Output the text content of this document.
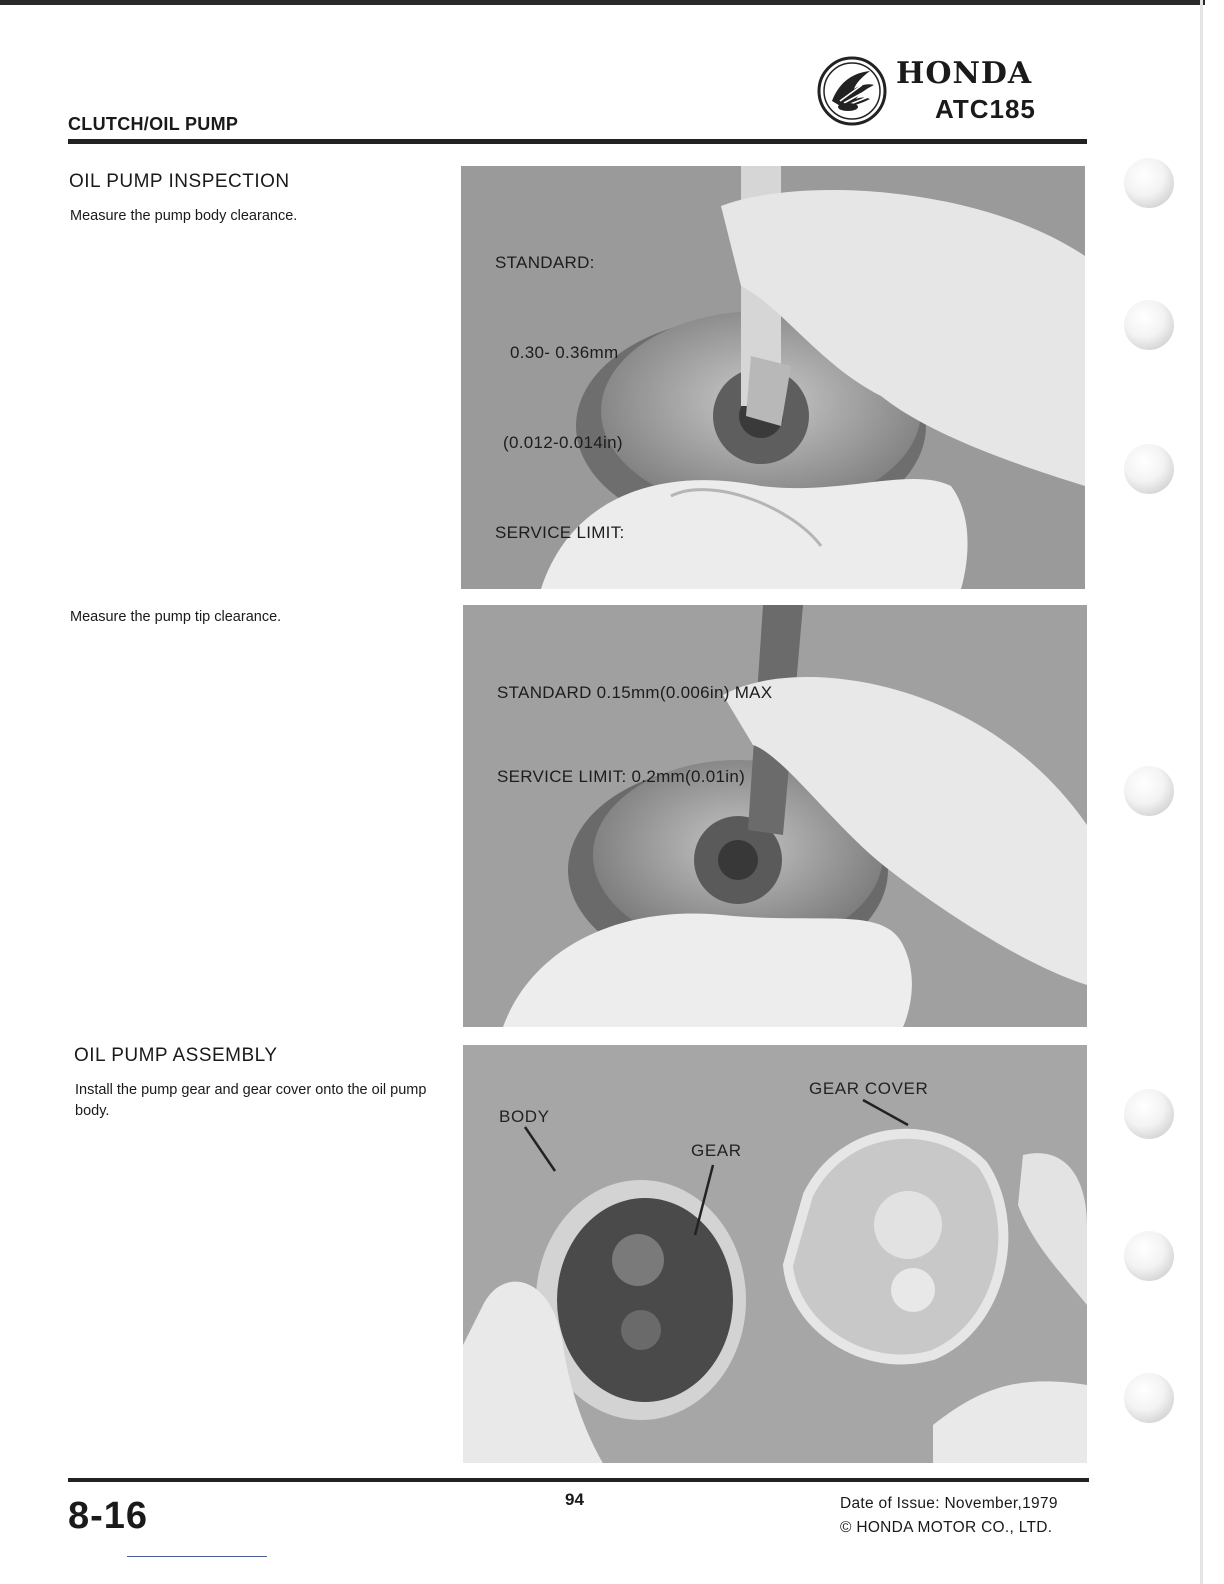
CLUTCH/OIL PUMP
HONDA
ATC185
OIL PUMP INSPECTION
Measure the pump body clearance.
Measure the pump tip clearance.
OIL PUMP ASSEMBLY
Install the pump gear and gear cover onto the oil pump body.

STANDARD:

0.30- 0.36mm

(0.012-0.014in)

SERVICE LIMIT:

STANDARD 0.15mm(0.006in) MAX

SERVICE LIMIT: 0.2mm(0.01in)

BODY
GEAR
GEAR COVER
8-16	94	Date of Issue: November,1979
© HONDA MOTOR CO., LTD.
